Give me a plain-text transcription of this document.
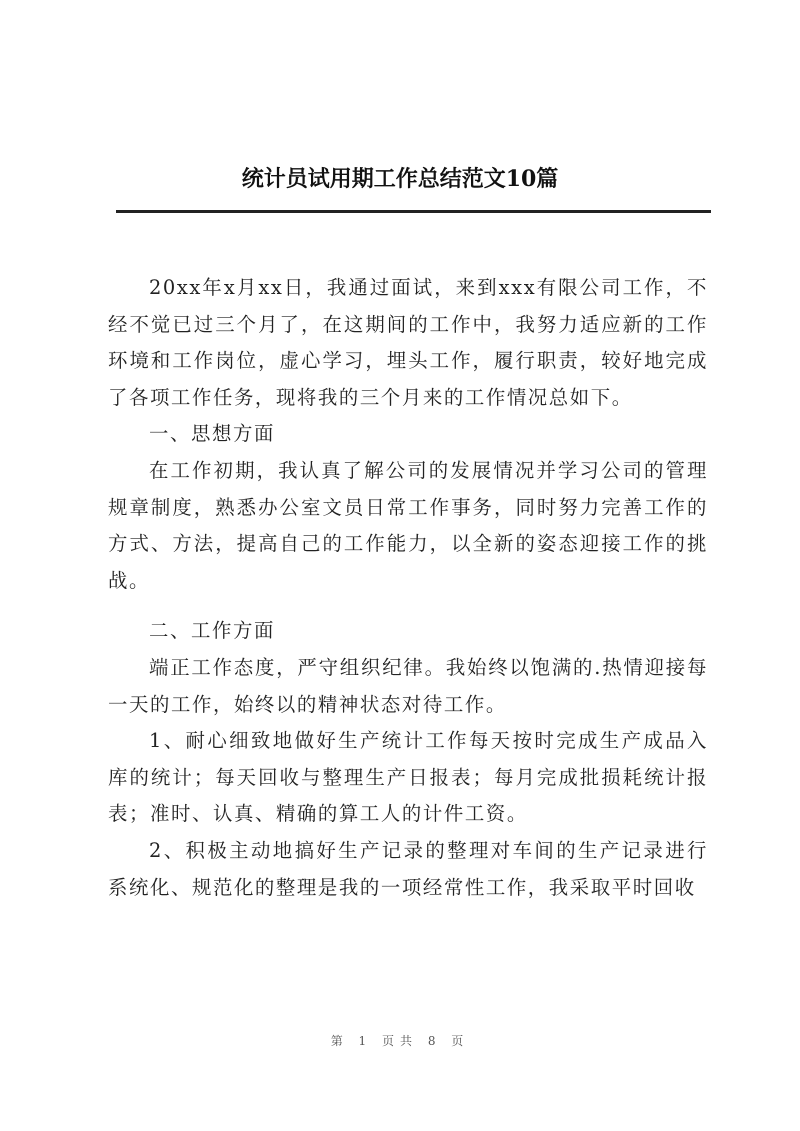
统计员试用期工作总结范文10篇

20xx年x月xx日，我通过面试，来到xxx有限公司工作，不经不觉已过三个月了，在这期间的工作中，我努力适应新的工作环境和工作岗位，虚心学习，埋头工作，履行职责，较好地完成了各项工作任务，现将我的三个月来的工作情况总如下。

一、思想方面

在工作初期，我认真了解公司的发展情况并学习公司的管理规章制度，熟悉办公室文员日常工作事务，同时努力完善工作的方式、方法，提高自己的工作能力，以全新的姿态迎接工作的挑战。

二、工作方面

端正工作态度，严守组织纪律。我始终以饱满的.热情迎接每一天的工作，始终以的精神状态对待工作。

1、耐心细致地做好生产统计工作每天按时完成生产成品入库的统计；每天回收与整理生产日报表；每月完成批损耗统计报表；准时、认真、精确的算工人的计件工资。

2、积极主动地搞好生产记录的整理对车间的生产记录进行系统化、规范化的整理是我的一项经常性工作，我采取平时回收

第 1 页共 8 页
